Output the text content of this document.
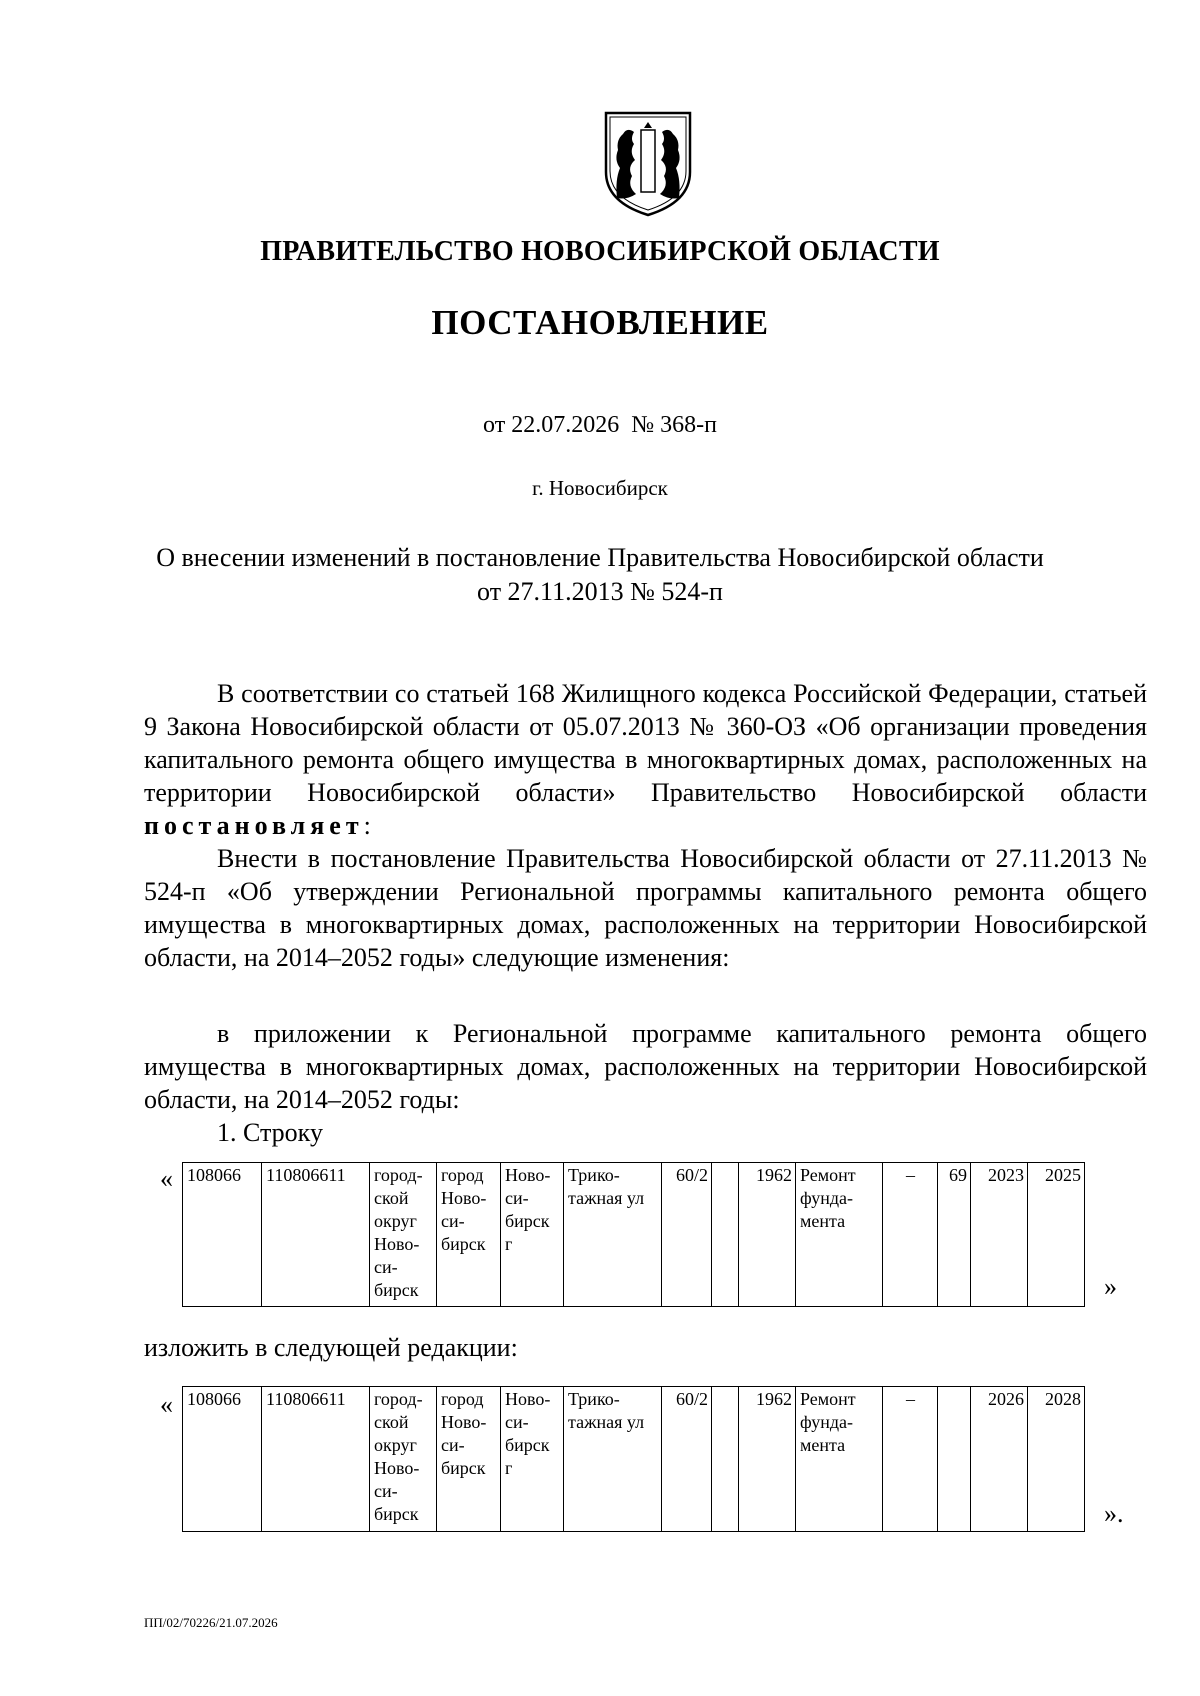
ПРАВИТЕЛЬСТВО НОВОСИБИРСКОЙ ОБЛАСТИ
ПОСТАНОВЛЕНИЕ
от 22.07.2026  № 368-п
г. Новосибирск
О внесении изменений в постановление Правительства Новосибирской области
от 27.11.2013 № 524-п

В соответствии со статьей 168 Жилищного кодекса Российской Федерации, статьей 9 Закона Новосибирской области от 05.07.2013 № 360-ОЗ «Об организации проведения капитального ремонта общего имущества в многоквартирных домах, расположенных на территории Новосибирской области» Правительство Новосибирской области постановляет:

Внести в постановление Правительства Новосибирской области от 27.11.2013 № 524-п «Об утверждении Региональной программы капитального ремонта общего имущества в многоквартирных домах, расположенных на территории Новосибирской области, на 2014–2052 годы» следующие изменения:

в приложении к Региональной программе капитального ремонта общего имущества в многоквартирных домах, расположенных на территории Новосибирской области, на 2014–2052 годы:

1. Строку

« 108066	110806611	город-ской округ Ново-си-бирск	город Ново-си-бирск	Ново-си-бирск г	Трико-тажная ул	60/2		1962	Ремонт фунда-мента	–	69	2023	2025
»
изложить в следующей редакции:
« 108066	110806611	город-ской округ Ново-си-бирск	город Ново-си-бирск	Ново-си-бирск г	Трико-тажная ул	60/2		1962	Ремонт фунда-мента	–		2026	2028
».
ПП/02/70226/21.07.2026
